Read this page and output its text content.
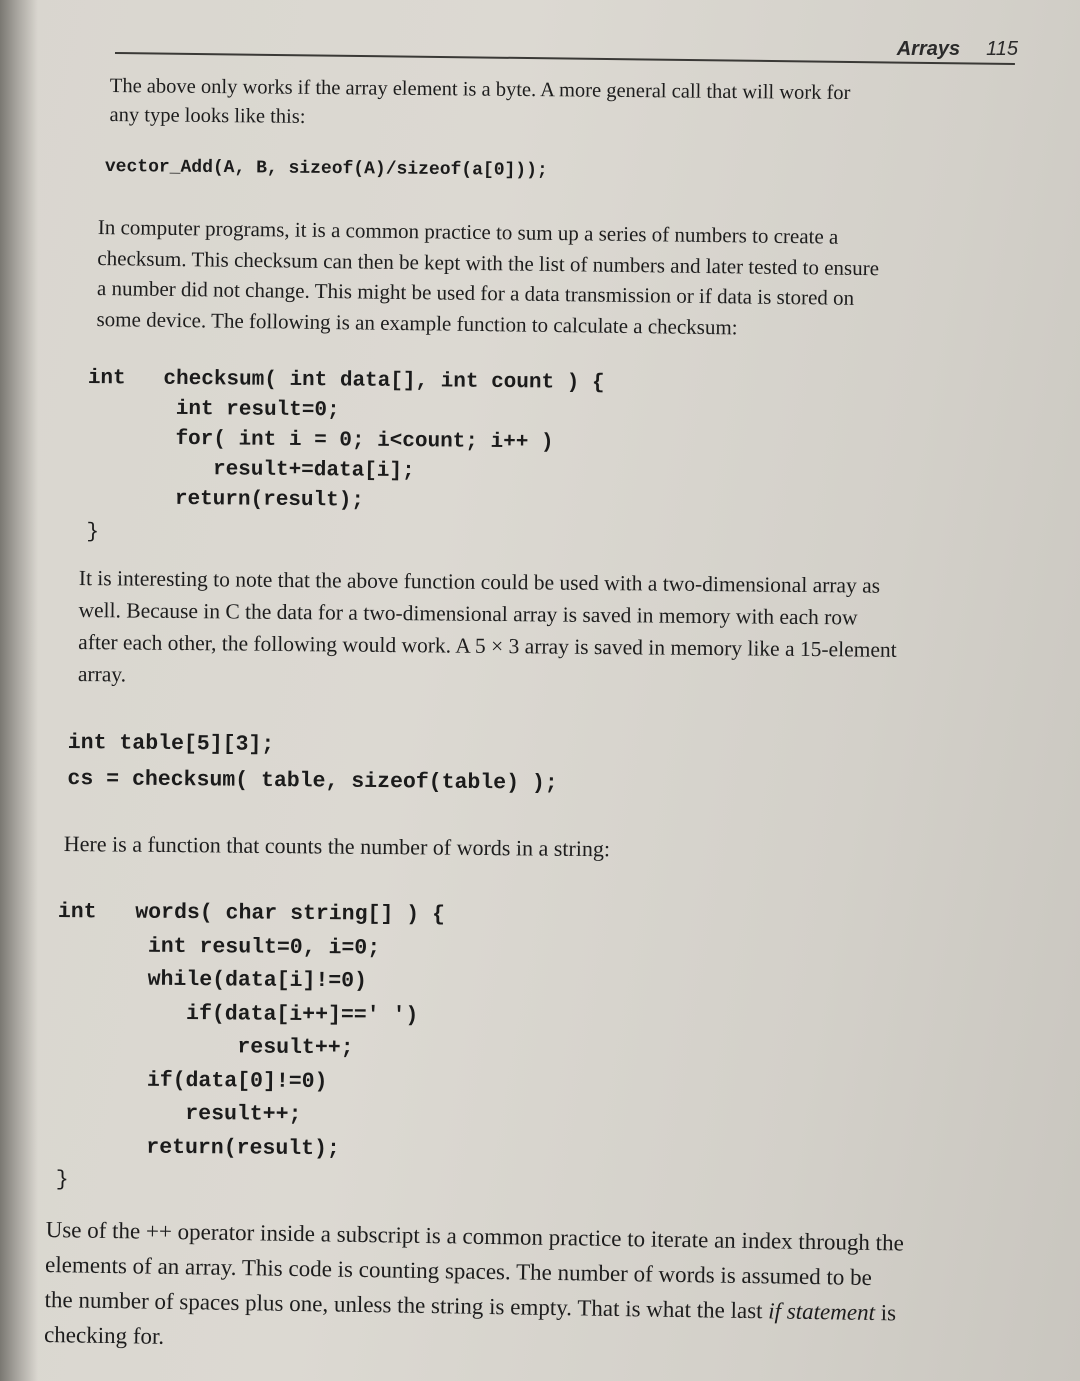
Arrays 115
The above only works if the array element is a byte. A more general call that will work for
any type looks like this:
vector_Add(A, B, sizeof(A)/sizeof(a[0]));
In computer programs, it is a common practice to sum up a series of numbers to create a
checksum. This checksum can then be kept with the list of numbers and later tested to ensure
a number did not change. This might be used for a data transmission or if data is stored on
some device. The following is an example function to calculate a checksum:
int   checksum( int data[], int count ) {
int result=0;
for( int i = 0; i<count; i++ )
result+=data[i];
return(result);
}
It is interesting to note that the above function could be used with a two-dimensional array as
well. Because in C the data for a two-dimensional array is saved in memory with each row
after each other, the following would work. A 5 × 3 array is saved in memory like a 15-element
array.
int table[5][3];
cs = checksum( table, sizeof(table) );
Here is a function that counts the number of words in a string:
int   words( char string[] ) {
int result=0, i=0;
while(data[i]!=0)
if(data[i++]==' ')
result++;
if(data[0]!=0)
result++;
return(result);
}
Use of the ++ operator inside a subscript is a common practice to iterate an index through the
elements of an array. This code is counting spaces. The number of words is assumed to be
the number of spaces plus one, unless the string is empty. That is what the last if statement is
checking for.
